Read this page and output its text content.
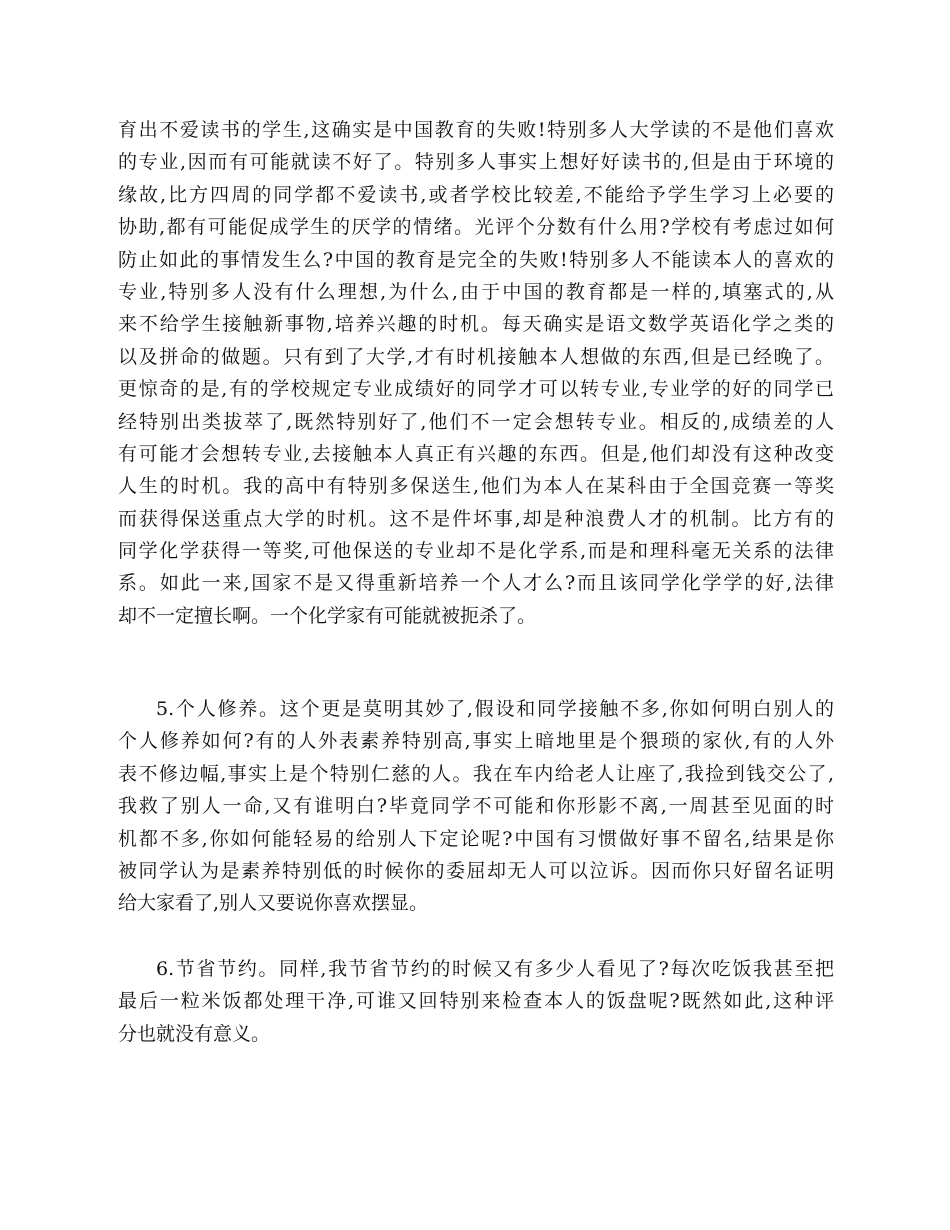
育出不爱读书的学生,这确实是中国教育的失败!特别多人大学读的不是他们喜欢
的专业,因而有可能就读不好了。特别多人事实上想好好读书的,但是由于环境的
缘故,比方四周的同学都不爱读书,或者学校比较差,不能给予学生学习上必要的
协助,都有可能促成学生的厌学的情绪。光评个分数有什么用?学校有考虑过如何
防止如此的事情发生么?中国的教育是完全的失败!特别多人不能读本人的喜欢的
专业,特别多人没有什么理想,为什么,由于中国的教育都是一样的,填塞式的,从
来不给学生接触新事物,培养兴趣的时机。每天确实是语文数学英语化学之类的
以及拼命的做题。只有到了大学,才有时机接触本人想做的东西,但是已经晚了。
更惊奇的是,有的学校规定专业成绩好的同学才可以转专业,专业学的好的同学已
经特别出类拔萃了,既然特别好了,他们不一定会想转专业。相反的,成绩差的人
有可能才会想转专业,去接触本人真正有兴趣的东西。但是,他们却没有这种改变
人生的时机。我的高中有特别多保送生,他们为本人在某科由于全国竞赛一等奖
而获得保送重点大学的时机。这不是件坏事,却是种浪费人才的机制。比方有的
同学化学获得一等奖,可他保送的专业却不是化学系,而是和理科毫无关系的法律
系。如此一来,国家不是又得重新培养一个人才么?而且该同学化学学的好,法律
却不一定擅长啊。一个化学家有可能就被扼杀了。
5.个人修养。这个更是莫明其妙了,假设和同学接触不多,你如何明白别人的
个人修养如何?有的人外表素养特别高,事实上暗地里是个猥琐的家伙,有的人外
表不修边幅,事实上是个特别仁慈的人。我在车内给老人让座了,我捡到钱交公了,
我救了别人一命,又有谁明白?毕竟同学不可能和你形影不离,一周甚至见面的时
机都不多,你如何能轻易的给别人下定论呢?中国有习惯做好事不留名,结果是你
被同学认为是素养特别低的时候你的委屈却无人可以泣诉。因而你只好留名证明
给大家看了,别人又要说你喜欢摆显。
6.节省节约。同样,我节省节约的时候又有多少人看见了?每次吃饭我甚至把
最后一粒米饭都处理干净,可谁又回特别来检查本人的饭盘呢?既然如此,这种评
分也就没有意义。
